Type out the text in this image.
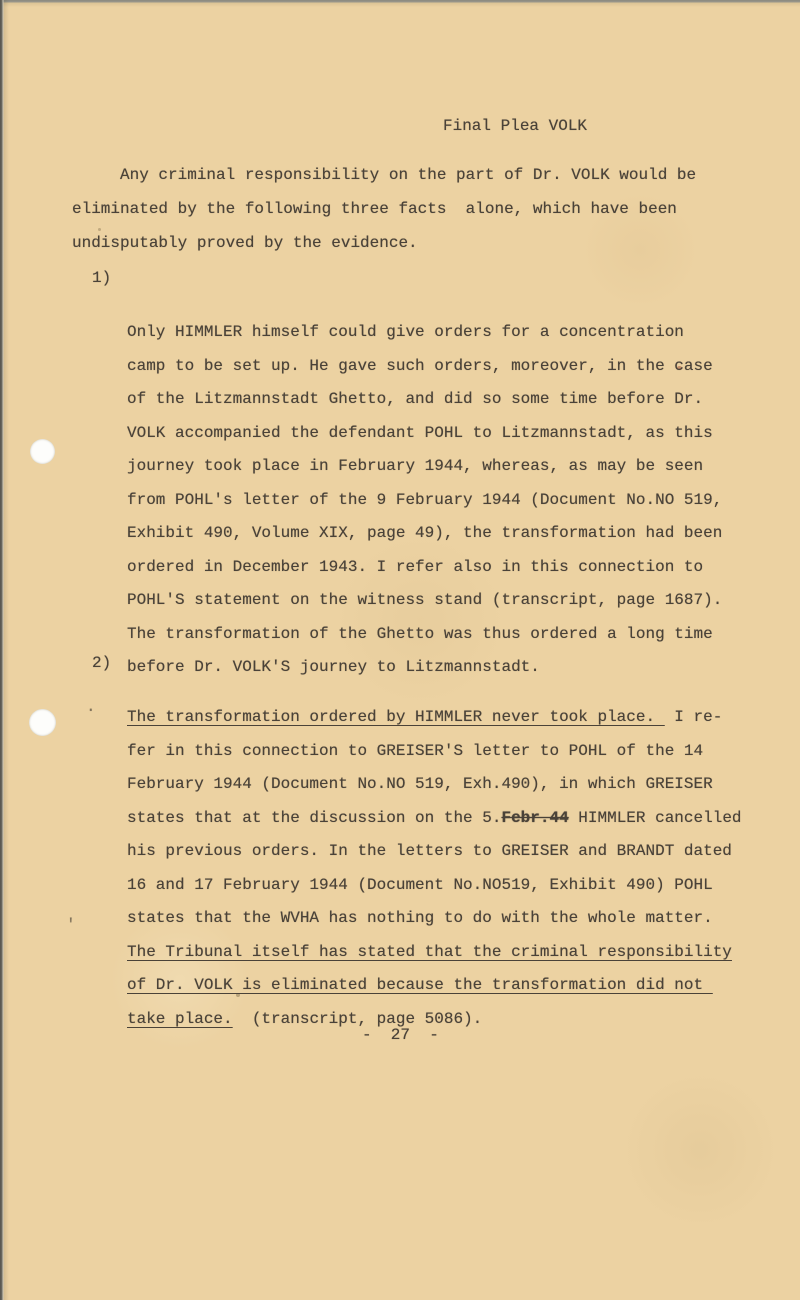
Final Plea VOLK
Any criminal responsibility on the part of Dr. VOLK would be
eliminated by the following three facts  alone, which have been
undisputably proved by the evidence.

1)

Only HIMMLER himself could give orders for a concentration
camp to be set up. He gave such orders, moreover, in the case
of the Litzmannstadt Ghetto, and did so some time before Dr.
VOLK accompanied the defendant POHL to Litzmannstadt, as this
journey took place in February 1944, whereas, as may be seen
from POHL's letter of the 9 February 1944 (Document No.NO 519,
Exhibit 490, Volume XIX, page 49), the transformation had been
ordered in December 1943. I refer also in this connection to
POHL'S statement on the witness stand (transcript, page 1687).
The transformation of the Ghetto was thus ordered a long time
before Dr. VOLK'S journey to Litzmannstadt.

2)

The transformation ordered by HIMMLER never took place.  I re-
fer in this connection to GREISER'S letter to POHL of the 14
February 1944 (Document No.NO 519, Exh.490), in which GREISER
states that at the discussion on the 5.Febr.44 HIMMLER cancelled
his previous orders. In the letters to GREISER and BRANDT dated
16 and 17 February 1944 (Document No.NO519, Exhibit 490) POHL
states that the WVHA has nothing to do with the whole matter.
The Tribunal itself has stated that the criminal responsibility
of Dr. VOLK is eliminated because the transformation did not
take place.  (transcript, page 5086).

-  27  -
'
.
